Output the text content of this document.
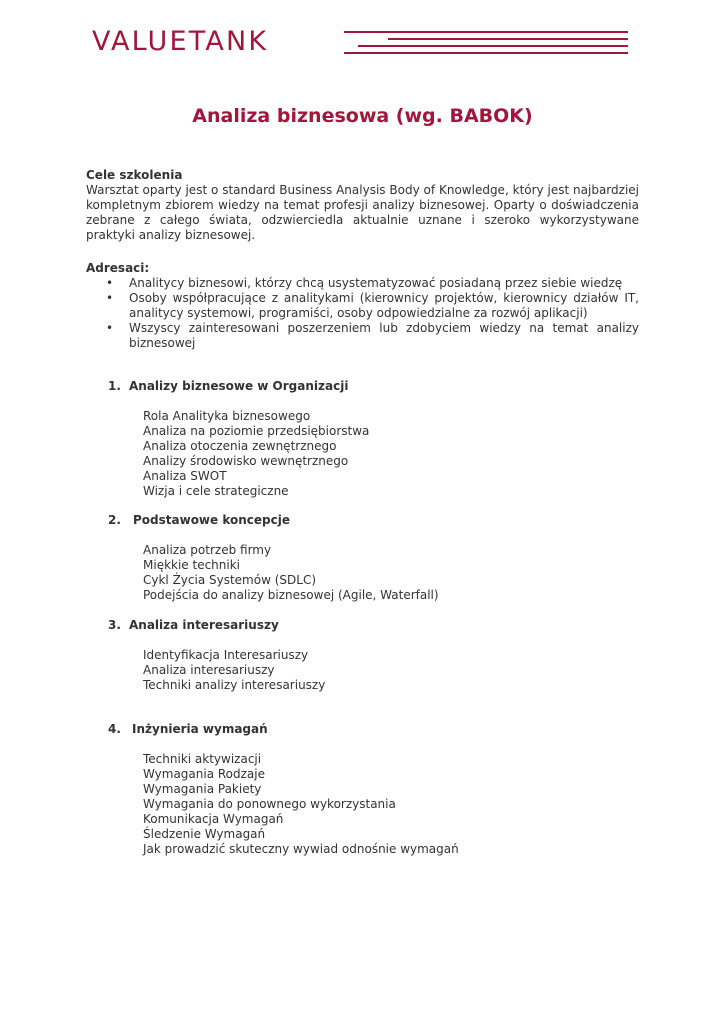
VALUETANK
Analiza biznesowa (wg. BABOK)
Cele szkolenia
Warsztat oparty jest o standard Business Analysis Body of Knowledge, który jest najbardziej kompletnym zbiorem wiedzy na temat profesji analizy biznesowej. Oparty o doświadczenia zebrane z całego świata, odzwierciedla aktualnie uznane i szeroko wykorzystywane praktyki analizy biznesowej.
Adresaci:
• Analitycy biznesowi, którzy chcą usystematyzować posiadaną przez siebie wiedzę
• Osoby współpracujące z analitykami (kierownicy projektów, kierownicy działów IT, analitycy systemowi, programiści, osoby odpowiedzialne za rozwój aplikacji)
• Wszyscy zainteresowani poszerzeniem lub zdobyciem wiedzy na temat analizy biznesowej
1. Analizy biznesowe w Organizacji
Rola Analityka biznesowego
Analiza na poziomie przedsiębiorstwa
Analiza otoczenia zewnętrznego
Analizy środowisko wewnętrznego
Analiza SWOT
Wizja i cele strategiczne
2. Podstawowe koncepcje
Analiza potrzeb firmy
Miękkie techniki
Cykl Życia Systemów (SDLC)
Podejścia do analizy biznesowej (Agile, Waterfall)
3. Analiza interesariuszy
Identyfikacja Interesariuszy
Analiza interesariuszy
Techniki analizy interesariuszy
4. Inżynieria wymagań
Techniki aktywizacji
Wymagania Rodzaje
Wymagania Pakiety
Wymagania do ponownego wykorzystania
Komunikacja Wymagań
Śledzenie Wymagań
Jak prowadzić skuteczny wywiad odnośnie wymagań
